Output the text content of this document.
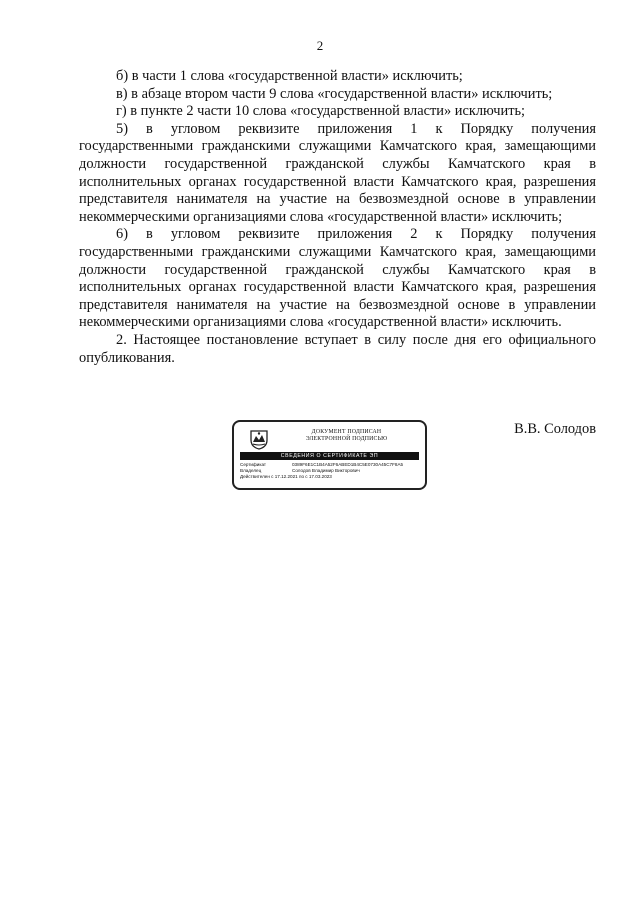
2

б) в части 1 слова «государственной власти» исключить;

в) в абзаце втором части 9 слова «государственной власти» исключить;

г) в пункте 2 части 10 слова «государственной власти» исключить;

5) в угловом реквизите приложения 1 к Порядку получения государственными гражданскими служащими Камчатского края, замещающими должности государственной гражданской службы Камчатского края в исполнительных органах государственной власти Камчатского края, разрешения представителя нанимателя на участие на безвозмездной основе в управлении некоммерческими организациями слова «государственной власти» исключить;

6) в угловом реквизите приложения 2 к Порядку получения государственными гражданскими служащими Камчатского края, замещающими должности государственной гражданской службы Камчатского края в исполнительных органах государственной власти Камчатского края, разрешения представителя нанимателя на участие на безвозмездной основе в управлении некоммерческими организациями слова «государственной власти» исключить.

2. Настоящее постановление вступает в силу после дня его официального опубликования.

ДОКУМЕНТ ПОДПИСАН
ЭЛЕКТРОННОЙ ПОДПИСЬЮ
СВЕДЕНИЯ О СЕРТИФИКАТЕ ЭП
Сертификат	0389F6E1C1B4A52F6ABED1B4C5E0730A45C7F8A5
Владелец	Солодов Владимир Викторович
Действителен с 17.12.2021 по с 17.03.2023
В.В. Солодов
